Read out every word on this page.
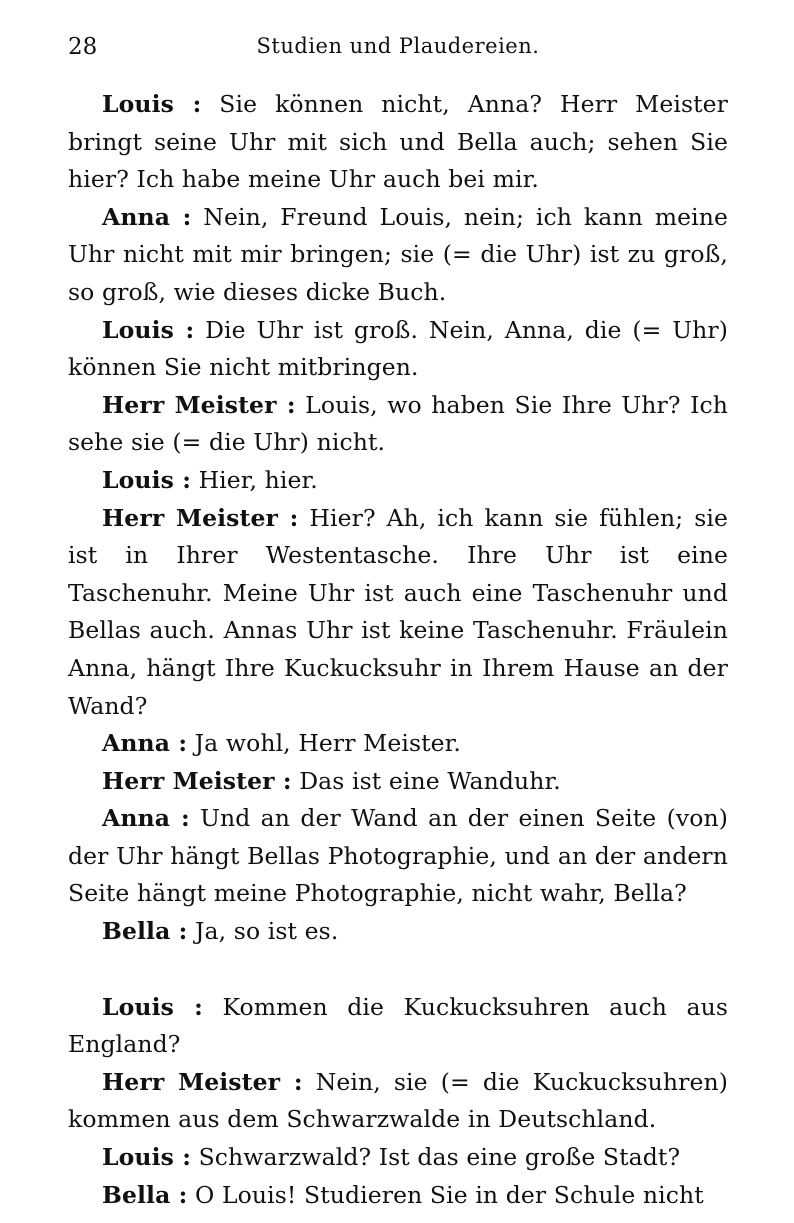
28	Studien und Plaudereien.

Louis : Sie können nicht, Anna? Herr Meister bringt seine Uhr mit sich und Bella auch; sehen Sie hier? Ich habe meine Uhr auch bei mir.

Anna : Nein, Freund Louis, nein; ich kann meine Uhr nicht mit mir bringen; sie (= die Uhr) ist zu groß, so groß, wie dieses dicke Buch.

Louis : Die Uhr ist groß. Nein, Anna, die (= Uhr) können Sie nicht mitbringen.

Herr Meister : Louis, wo haben Sie Ihre Uhr? Ich sehe sie (= die Uhr) nicht.

Louis : Hier, hier.

Herr Meister : Hier? Ah, ich kann sie fühlen; sie ist in Ihrer Westentasche. Ihre Uhr ist eine Taschenuhr. Meine Uhr ist auch eine Taschenuhr und Bellas auch. Annas Uhr ist keine Taschenuhr. Fräulein Anna, hängt Ihre Kuckucksuhr in Ihrem Hause an der Wand?

Anna : Ja wohl, Herr Meister.

Herr Meister : Das ist eine Wanduhr.

Anna : Und an der Wand an der einen Seite (von) der Uhr hängt Bellas Photographie, und an der andern Seite hängt meine Photographie, nicht wahr, Bella?

Bella : Ja, so ist es.

Louis : Kommen die Kuckucksuhren auch aus England?

Herr Meister : Nein, sie (= die Kuckucksuhren) kommen aus dem Schwarzwalde in Deutschland.

Louis : Schwarzwald? Ist das eine große Stadt?

Bella : O Louis! Studieren Sie in der Schule nicht
